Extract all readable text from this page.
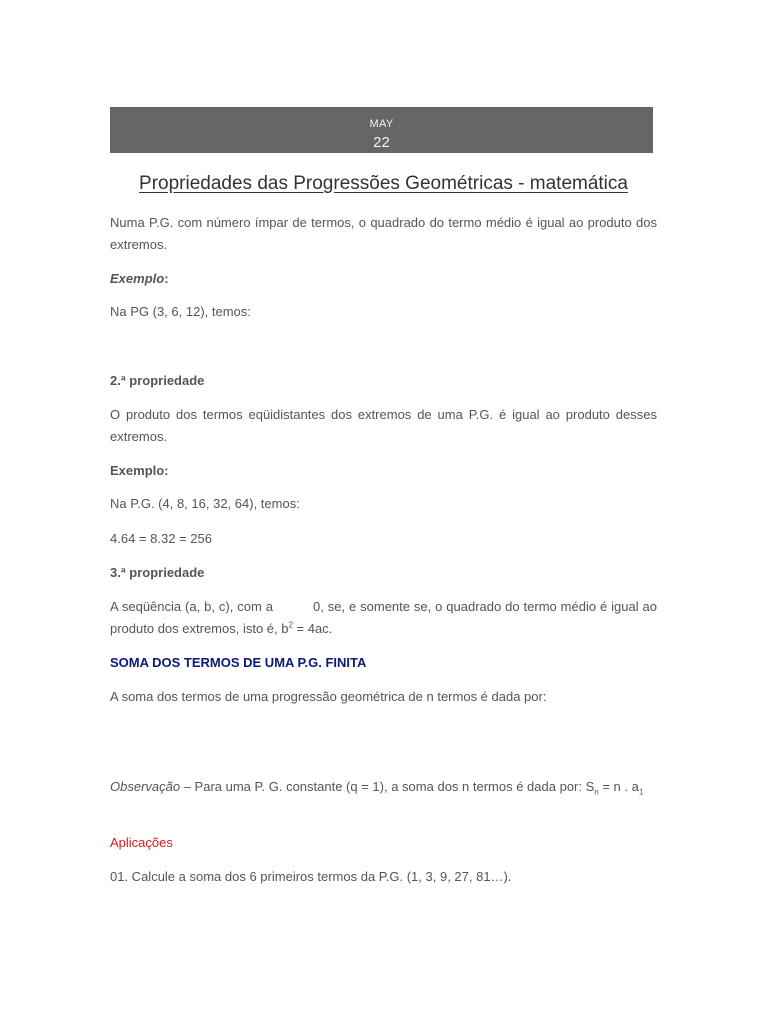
MAY
22
Propriedades das Progressões Geométricas - matemática
Numa P.G. com número ímpar de termos, o quadrado do termo médio é igual ao produto dos extremos.
Exemplo:
Na PG (3, 6, 12), temos:
2.ª propriedade
O produto dos termos eqüidistantes dos extremos de uma P.G. é igual ao produto desses extremos.
Exemplo:
Na P.G. (4, 8, 16, 32, 64), temos:
4.64 = 8.32 = 256
3.ª propriedade
A seqüência (a, b, c), com a	0, se, e somente se, o quadrado do termo médio é igual ao produto dos extremos, isto é, $b^2 = 4ac$.
SOMA DOS TERMOS DE UMA P.G. FINITA
A soma dos termos de uma progressão geométrica de n termos é dada por:
Observação – Para uma P. G. constante (q = 1), a soma dos n termos é dada por: $S_n = n$ . $a_1$
Aplicações
01. Calcule a soma dos 6 primeiros termos da P.G. (1, 3, 9, 27, 81…).
